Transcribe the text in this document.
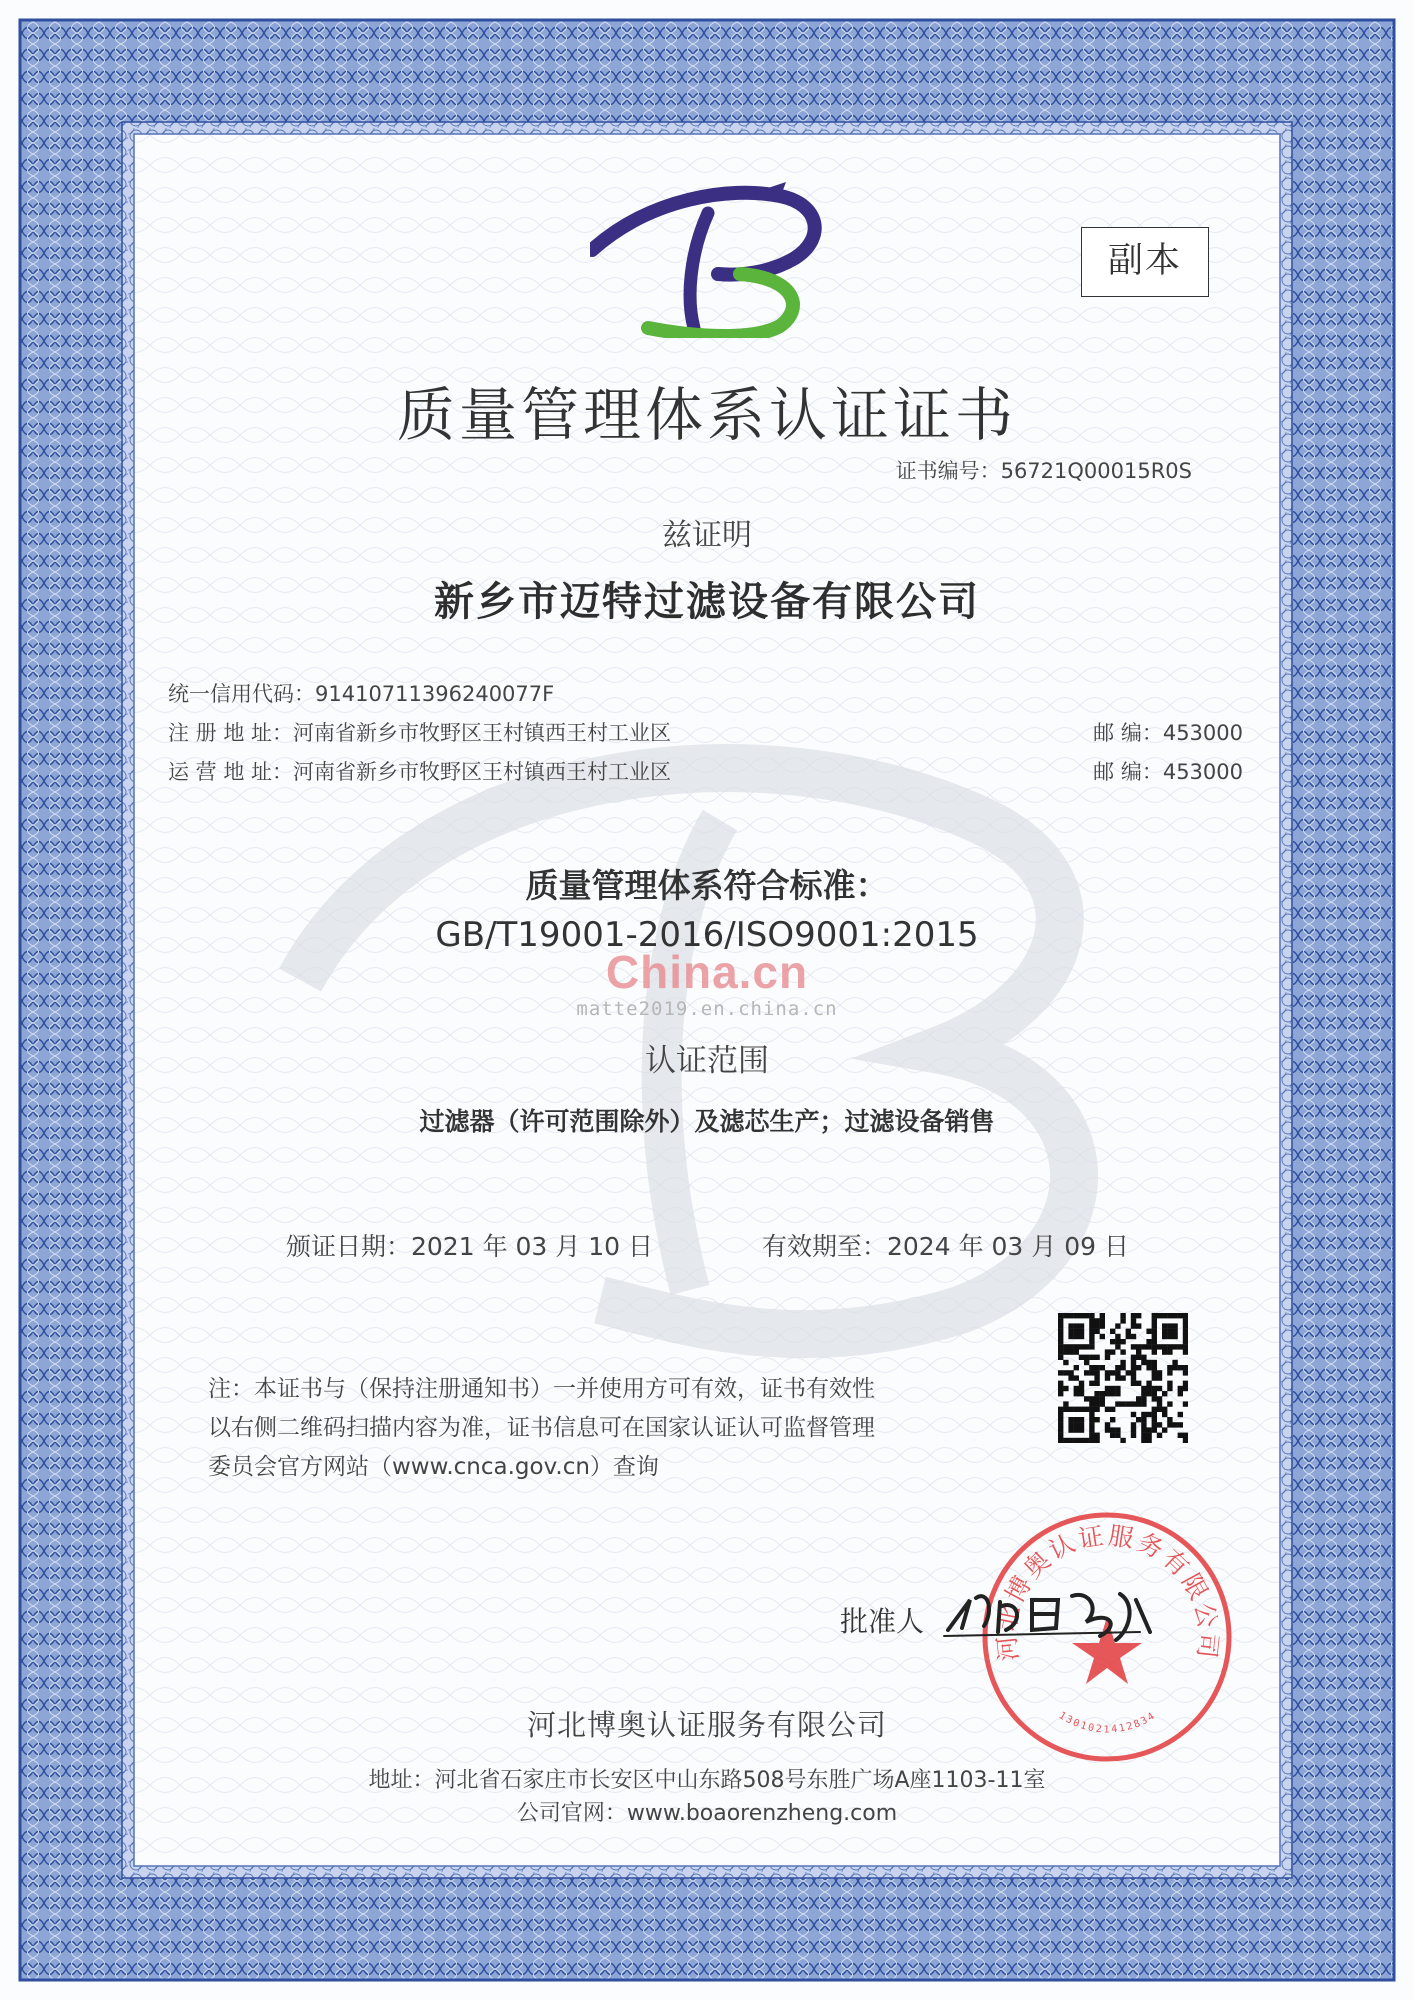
副本
质量管理体系认证证书
证书编号：56721Q00015R0S
兹证明
新乡市迈特过滤设备有限公司
统一信用代码：91410711396240077F
注 册 地 址：河南省新乡市牧野区王村镇西王村工业区	邮 编：453000
运 营 地 址：河南省新乡市牧野区王村镇西王村工业区	邮 编：453000
质量管理体系符合标准：
GB/T19001-2016/ISO9001:2015
China.cn
matte2019.en.china.cn
认证范围
过滤器（许可范围除外）及滤芯生产；过滤设备销售
颁证日期：2021 年 03 月 10 日	有效期至：2024 年 03 月 09 日
注：本证书与（保持注册通知书）一并使用方可有效，证书有效性
以右侧二维码扫描内容为准，证书信息可在国家认证认可监督管理
委员会官方网站（www.cnca.gov.cn）查询
河北博奥认证服务有限公司
1301021412834
批准人
河北博奥认证服务有限公司
地址：河北省石家庄市长安区中山东路508号东胜广场A座1103-11室
公司官网：www.boaorenzheng.com
